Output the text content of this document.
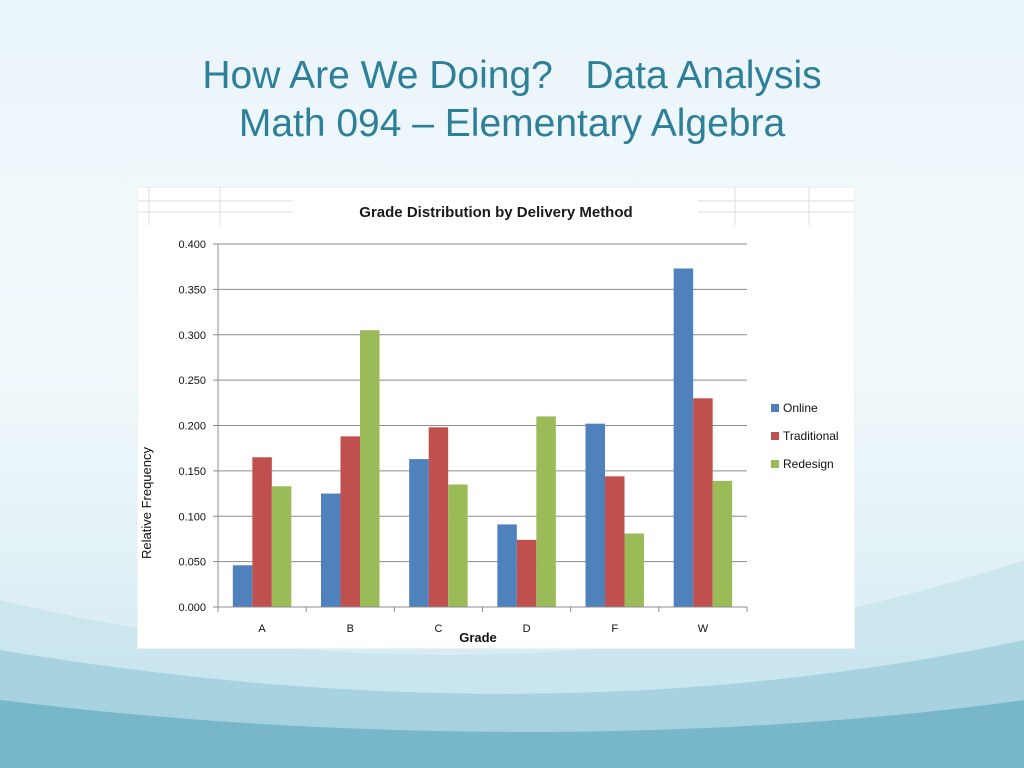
How Are We Doing?   Data Analysis
Math 094 – Elementary Algebra
Grade Distribution by Delivery Method
0.000
0.050
0.100
0.150
0.200
0.250
0.300
0.350
0.400
A	B	C	D	F	W
Online
Traditional
Redesign
Grade
Relative Frequency
